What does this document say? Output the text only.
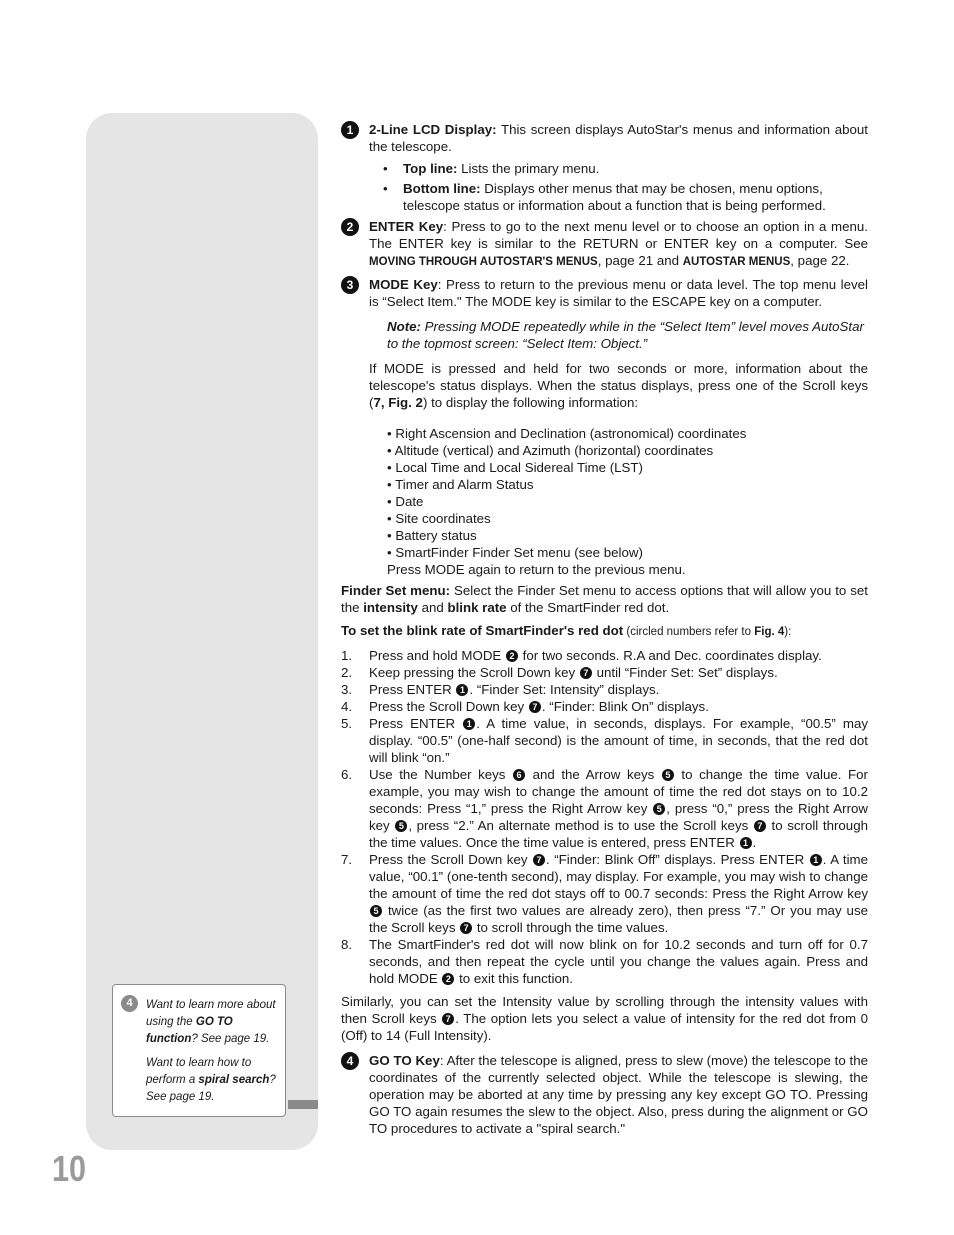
4	Want to learn more about using the GO TO function? See page 19.

Want to learn how to perform a spiral search? See page 19.

10
1	2-Line LCD Display: This screen displays AutoStar's menus and information about the telescope.

• Top line: Lists the primary menu.
• Bottom line: Displays other menus that may be chosen, menu options, telescope status or information about a function that is being performed.
2	ENTER Key: Press to go to the next menu level or to choose an option in a menu. The ENTER key is similar to the RETURN or ENTER key on a computer. See MOVING THROUGH AUTOSTAR'S MENUS, page 21 and AUTOSTAR MENUS, page 22.

3	MODE Key: Press to return to the previous menu or data level. The top menu level is “Select Item." The MODE key is similar to the ESCAPE key on a computer.

Note: Pressing MODE repeatedly while in the “Select Item” level moves AutoStar to the topmost screen: “Select Item: Object.”

If MODE is pressed and held for two seconds or more, information about the telescope's status displays. When the status displays, press one of the Scroll keys (7, Fig. 2) to display the following information:

• Right Ascension and Declination (astronomical) coordinates
• Altitude (vertical) and Azimuth (horizontal) coordinates
• Local Time and Local Sidereal Time (LST)
• Timer and Alarm Status
• Date
• Site coordinates
• Battery status
• SmartFinder Finder Set menu (see below)
Press MODE again to return to the previous menu.

Finder Set menu: Select the Finder Set menu to access options that will allow you to set the intensity and blink rate of the SmartFinder red dot.

To set the blink rate of SmartFinder's red dot (circled numbers refer to Fig. 4):

1. Press and hold MODE 2 for two seconds. R.A and Dec. coordinates display.
2. Keep pressing the Scroll Down key 7 until “Finder Set: Set” displays.
3. Press ENTER 1 . “Finder Set: Intensity” displays.
4. Press the Scroll Down key 7 . “Finder: Blink On” displays.
5. Press ENTER 1 . A time value, in seconds, displays. For example, “00.5” may display. “00.5” (one-half second) is the amount of time, in seconds, that the red dot will blink “on.”
6. Use the Number keys 6 and the Arrow keys 5 to change the time value. For example, you may wish to change the amount of time the red dot stays on to 10.2 seconds: Press “1,” press the Right Arrow key 5 , press “0,” press the Right Arrow key 5 , press “2.” An alternate method is to use the Scroll keys 7 to scroll through the time values. Once the time value is entered, press ENTER 1 .
7. Press the Scroll Down key 7 . “Finder: Blink Off” displays. Press ENTER 1 . A time value, “00.1” (one-tenth second), may display. For example, you may wish to change the amount of time the red dot stays off to 00.7 seconds: Press the Right Arrow key 5 twice (as the first two values are already zero), then press “7.” Or you may use the Scroll keys 7 to scroll through the time values.
8. The SmartFinder's red dot will now blink on for 10.2 seconds and turn off for 0.7 seconds, and then repeat the cycle until you change the values again. Press and hold MODE 2 to exit this function.

Similarly, you can set the Intensity value by scrolling through the intensity values with then Scroll keys 7 . The option lets you select a value of intensity for the red dot from 0 (Off) to 14 (Full Intensity).

4	GO TO Key: After the telescope is aligned, press to slew (move) the telescope to the coordinates of the currently selected object. While the telescope is slewing, the operation may be aborted at any time by pressing any key except GO TO. Pressing GO TO again resumes the slew to the object. Also, press during the alignment or GO TO procedures to activate a "spiral search."
